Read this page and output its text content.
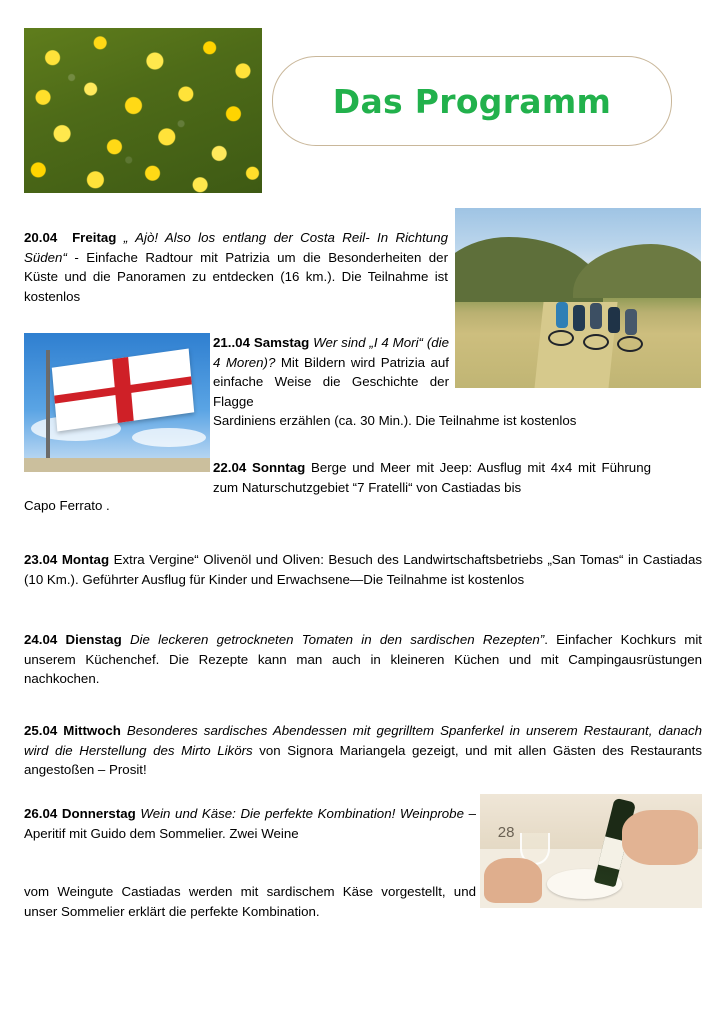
Das Programm
28
20.04 Freitag „ Ajò! Also los entlang der Costa Reil- In Richtung Süden“ - Einfache Radtour mit Patrizia um die Besonderheiten der Küste und die Panoramen zu entdecken (16 km.). Die Teilnahme ist kostenlos
21..04 Samstag Wer sind „I 4 Mori“ (die 4 Moren)? Mit Bildern wird Patrizia auf einfache Weise die Geschichte der Flagge
Sardiniens erzählen (ca. 30 Min.). Die Teilnahme ist kostenlos
22.04 Sonntag Berge und Meer mit Jeep: Ausflug mit 4x4 mit Führung zum Naturschutzgebiet “7 Fratelli“ von Castiadas bis
Capo Ferrato .
23.04 Montag Extra Vergine“ Olivenöl und Oliven: Besuch des Landwirtschaftsbetriebs „San Tomas“ in Castiadas (10 Km.). Geführter Ausflug für Kinder und Erwachsene—Die Teilnahme ist kostenlos
24.04 Dienstag Die leckeren getrockneten Tomaten in den sardischen Rezepten”. Einfacher Kochkurs mit unserem Küchenchef. Die Rezepte kann man auch in kleineren Küchen und mit Campingausrüstungen nachkochen.
25.04 Mittwoch Besonderes sardisches Abendessen mit gegrilltem Spanferkel in unserem Restaurant, danach wird die Herstellung des Mirto Likörs von Signora Mariangela gezeigt, und mit allen Gästen des Restaurants angestoßen – Prosit!
26.04 Donnerstag Wein und Käse: Die perfekte Kombination! Weinprobe – Aperitif mit Guido dem Sommelier. Zwei Weine
vom Weingute Castiadas werden mit sardischem Käse vorgestellt, und unser Sommelier erklärt die perfekte Kombination.
